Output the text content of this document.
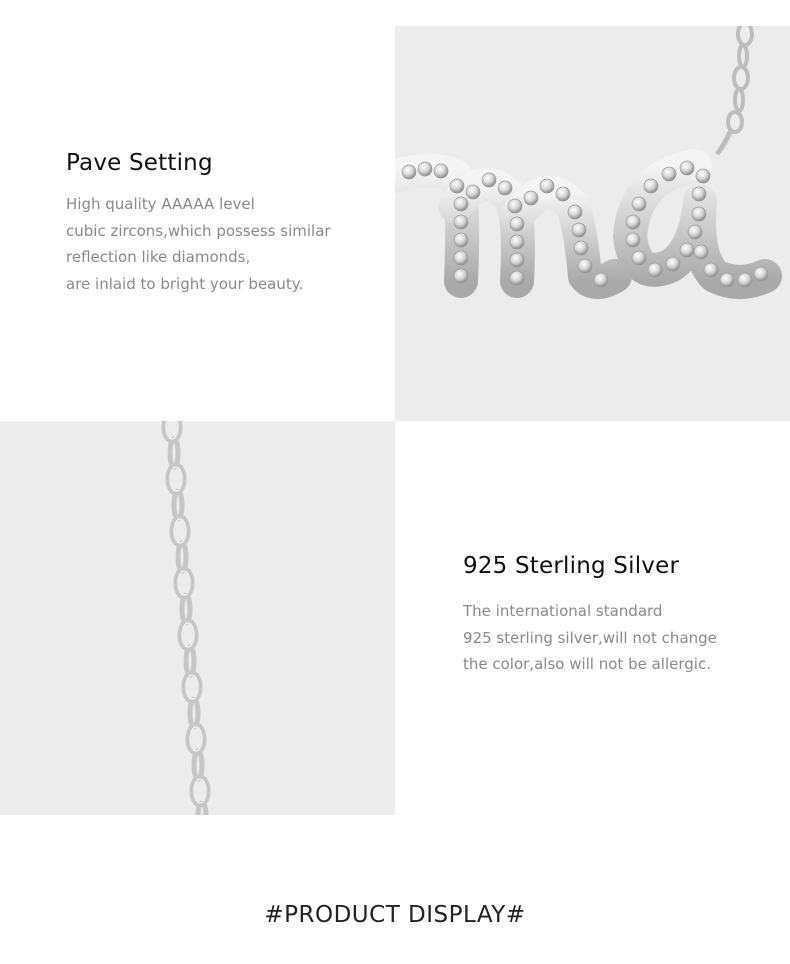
Pave Setting
High quality AAAAA level
cubic zircons,which possess similar
reflection like diamonds,
are inlaid to bright your beauty.
925 Sterling Silver
The international standard
925 sterling silver,will not change
the color,also will not be allergic.
#PRODUCT DISPLAY#
